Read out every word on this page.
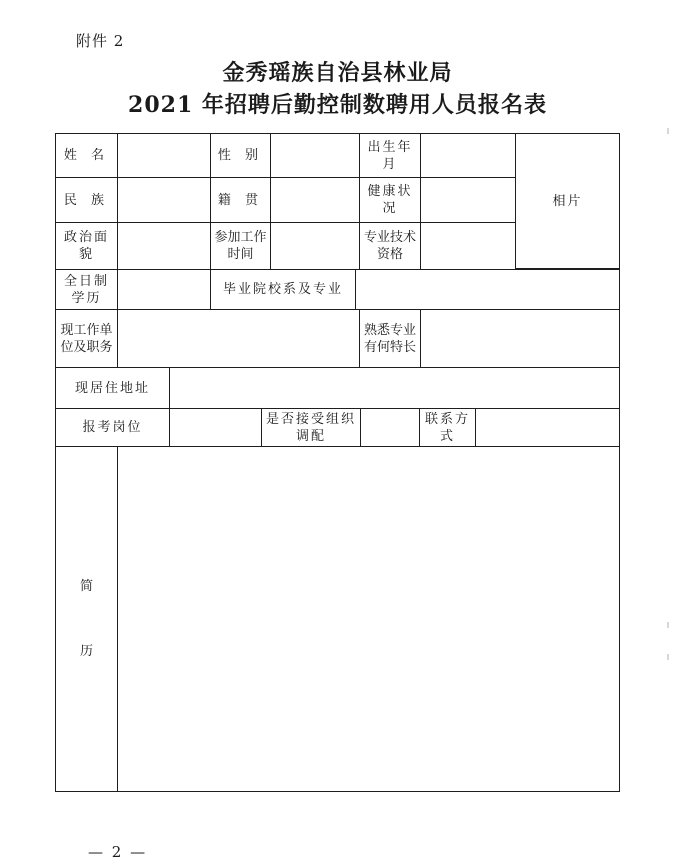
附件 2
金秀瑶族自治县林业局
2021 年招聘后勤控制数聘用人员报名表
姓 名	性 别
出生年月
相片
民 族	籍 贯
健康状况
政治面貌
参加工作时间
专业技术资格
全日制学历
毕业院校系及专业
现工作单位及职务
熟悉专业有何特长
现居住地址
报考岗位
是否接受组织调配
联系方式
简
历
— 2 —
